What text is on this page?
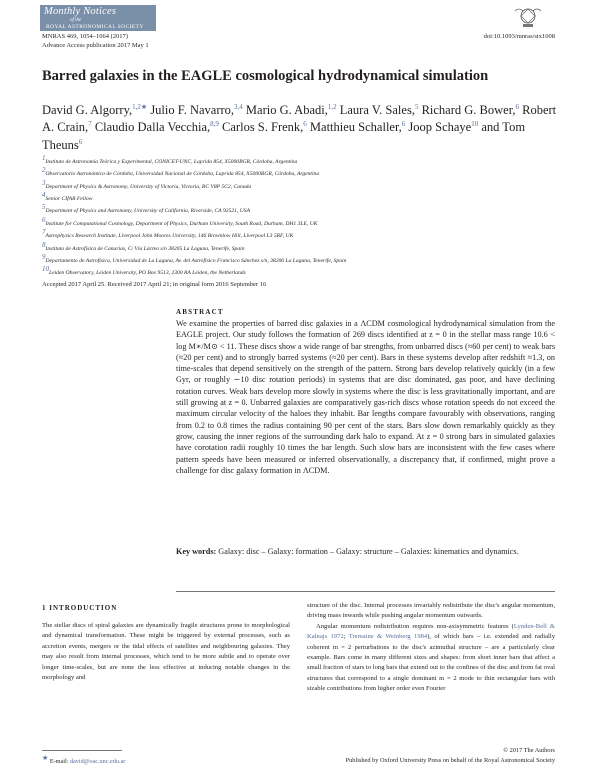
Monthly Notices
of the
ROYAL ASTRONOMICAL SOCIETY
MNRAS 469, 1054–1064 (2017)
Advance Access publication 2017 May 1
doi:10.1093/mnras/stx1008
Barred galaxies in the EAGLE cosmological hydrodynamical simulation
David G. Algorry,$^{1,2★}$ Julio F. Navarro,$^{3,4}$ Mario G. Abadi,$^{1,2}$ Laura V. Sales,$^5$ Richard G. Bower,$^6$ Robert A. Crain,$^7$ Claudio Dalla Vecchia,$^{8,9}$ Carlos S. Frenk,$^6$ Matthieu Schaller,$^6$ Joop Schaye$^{10}$ and Tom Theuns$^6$
$^1$Instituto de Astronomía Teórica y Experimental, CONICET-UNC, Laprida 854, X5000BGR, Córdoba, Argentina
$^2$Observatorio Astronómico de Córdoba, Universidad Nacional de Córdoba, Laprida 854, X5000BGR, Córdoba, Argentina
$^3$Department of Physics & Astronomy, University of Victoria, Victoria, BC V8P 5C2, Canada
$^4$Senior CIfAR Fellow
$^5$Department of Physics and Astronomy, University of California, Riverside, CA 92521, USA
$^6$Institute for Computational Cosmology, Department of Physics, Durham University, South Road, Durham, DH1 3LE, UK
$^7$Astrophysics Research Institute, Liverpool John Moores University, 146 Brownlow Hill, Liverpool L3 5RF, UK
$^8$Instituto de Astrofísica de Canarias, C/ Vía Láctea s/n 38205 La Laguna, Tenerife, Spain
$^9$Departamento de Astrofísica, Universidad de La Laguna, Av. del Astrofísico Francisco Sánchez s/n, 38206 La Laguna, Tenerife, Spain
$^{10}$Leiden Observatory, Leiden University, PO Box 9513, 2300 RA Leiden, the Netherlands
Accepted 2017 April 25. Received 2017 April 21; in original form 2016 September 16
ABSTRACT
We examine the properties of barred disc galaxies in a ΛCDM cosmological hydrodynamical simulation from the EAGLE project. Our study follows the formation of 269 discs identified at z = 0 in the stellar mass range 10.6 < log M∗/M⊙ < 11. These discs show a wide range of bar strengths, from unbarred discs (≈60 per cent) to weak bars (≈20 per cent) and to strongly barred systems (≈20 per cent). Bars in these systems develop after redshift ≈1.3, on time-scales that depend sensitively on the strength of the pattern. Strong bars develop relatively quickly (in a few Gyr, or roughly ∼10 disc rotation periods) in systems that are disc dominated, gas poor, and have declining rotation curves. Weak bars develop more slowly in systems where the disc is less gravitationally important, and are still growing at z = 0. Unbarred galaxies are comparatively gas-rich discs whose rotation speeds do not exceed the maximum circular velocity of the haloes they inhabit. Bar lengths compare favourably with observations, ranging from 0.2 to 0.8 times the radius containing 90 per cent of the stars. Bars slow down remarkably quickly as they grow, causing the inner regions of the surrounding dark halo to expand. At z = 0 strong bars in simulated galaxies have corotation radii roughly 10 times the bar length. Such slow bars are inconsistent with the few cases where pattern speeds have been measured or inferred observationally, a discrepancy that, if confirmed, might prove a challenge for disc galaxy formation in ΛCDM.
Key words: Galaxy: disc – Galaxy: formation – Galaxy: structure – Galaxies: kinematics and dynamics.
1 INTRODUCTION
The stellar discs of spiral galaxies are dynamically fragile structures prone to morphological and dynamical transformation. These might be triggered by external processes, such as accretion events, mergers or the tidal effects of satellites and neighbouring galaxies. They may also result from internal processes, which tend to be more subtle and to operate over longer time-scales, but are none the less effective at inducing notable changes in the morphology and
structure of the disc. Internal processes invariably redistribute the disc's angular momentum, driving mass inwards while pushing angular momentum outwards.
Angular momentum redistribution requires non-axisymmetric features (Lynden-Bell & Kalnajs 1972; Tremaine & Weinberg 1984), of which bars – i.e. extended and radially coherent m = 2 perturbations to the disc's azimuthal structure – are a particularly clear example. Bars come in many different sizes and shapes: from short inner bars that affect a small fraction of stars to long bars that extend out to the confines of the disc and from fat oval structures that correspond to a single dominant m = 2 mode to thin rectangular bars with sizable contributions from higher order even Fourier
★ E-mail: david@oac.unc.edu.ar
© 2017 The Authors
Published by Oxford University Press on behalf of the Royal Astronomical Society
